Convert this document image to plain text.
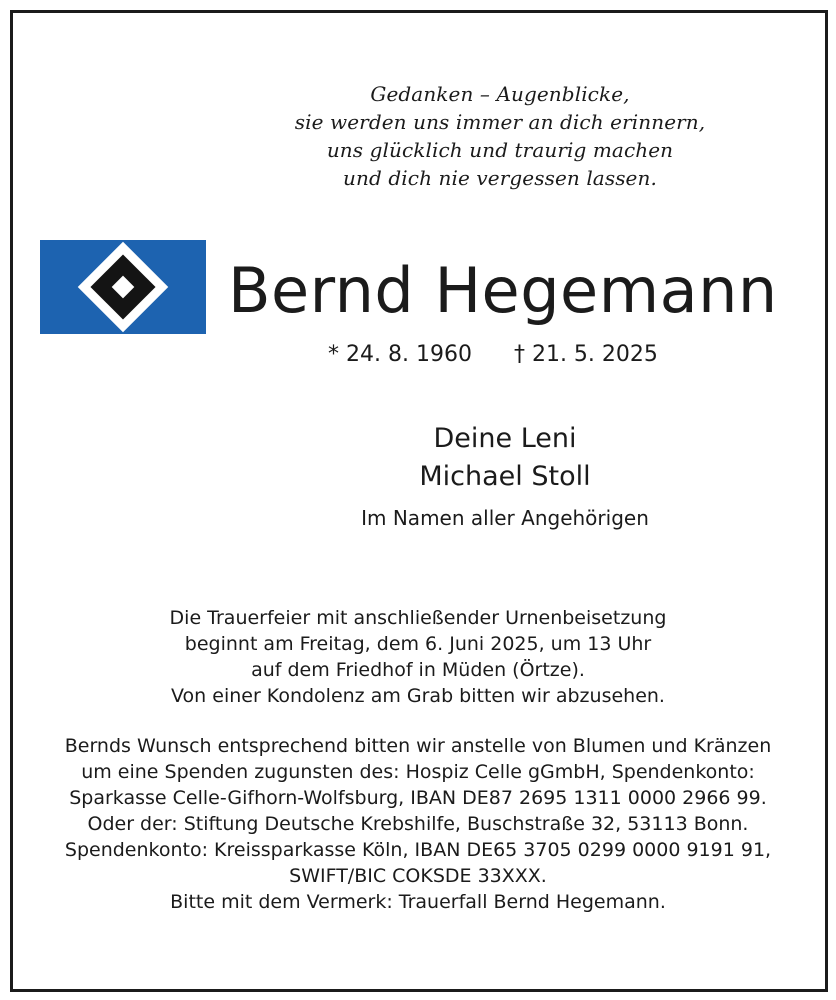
Gedanken – Augenblicke,
sie werden uns immer an dich erinnern,
uns glücklich und traurig machen
und dich nie vergessen lassen.
Bernd Hegemann
* 24. 8. 1960 † 21. 5. 2025
Deine Leni
Michael Stoll
Im Namen aller Angehörigen
Die Trauerfeier mit anschließender Urnenbeisetzung
beginnt am Freitag, dem 6. Juni 2025, um 13 Uhr
auf dem Friedhof in Müden (Örtze).
Von einer Kondolenz am Grab bitten wir abzusehen.
Bernds Wunsch entsprechend bitten wir anstelle von Blumen und Kränzen
um eine Spenden zugunsten des: Hospiz Celle gGmbH, Spendenkonto:
Sparkasse Celle-Gifhorn-Wolfsburg, IBAN DE87 2695 1311 0000 2966 99.
Oder der: Stiftung Deutsche Krebshilfe, Buschstraße 32, 53113 Bonn.
Spendenkonto: Kreissparkasse Köln, IBAN DE65 3705 0299 0000 9191 91,
SWIFT/BIC COKSDE 33XXX.
Bitte mit dem Vermerk: Trauerfall Bernd Hegemann.
